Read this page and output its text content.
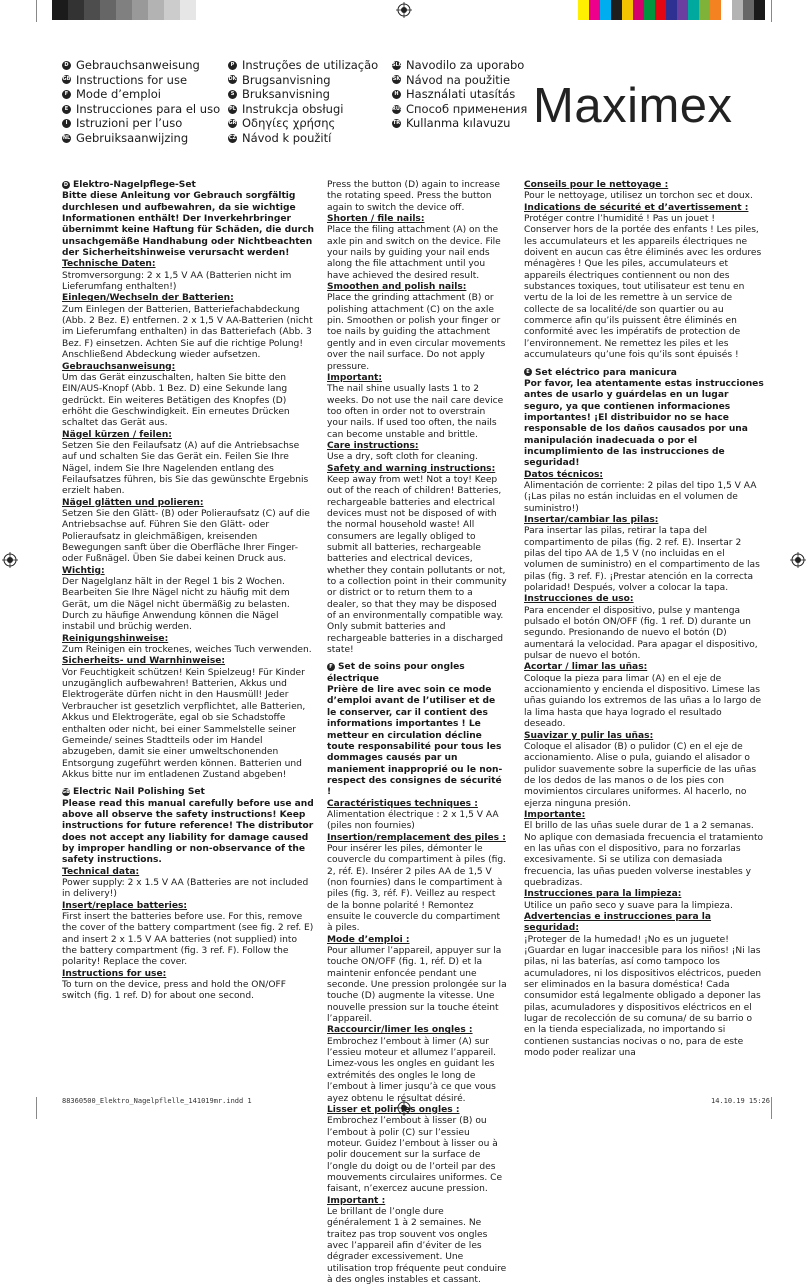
D Gebrauchsanweisung
GB Instructions for use
F Mode d’emploi
E Instrucciones para el uso
I Istruzioni per l’uso
NL Gebruiksaanwijzing
P Instruções de utilização
DK Brugsanvisning
S Bruksanvisning
PL Instrukcja obsługi
GR Οδηγίες χρήσης
CZ Návod k použití
SLO Navodilo za uporabo
SK Návod na použitie
H Használati utasítás
RUS Способ применения
TR Kullanma kılavuzu Maximex

D Elektro-Nagelpflege-Set

Bitte diese Anleitung vor Gebrauch sorgfältig durchlesen und aufbewahren, da sie wichtige Informationen enthält! Der Inverkehrbringer übernimmt keine Haftung für Schäden, die durch unsachgemäße Handhabung oder Nichtbeachten der Sicherheitshinweise verursacht werden!

Technische Daten:

Stromversorgung: 2 x 1,5 V AA (Batterien nicht im Lieferumfang enthalten!)

Einlegen/Wechseln der Batterien:

Zum Einlegen der Batterien, Batteriefachabdeckung (Abb. 2 Bez. E) entfernen. 2 x 1,5 V AA-Batterien (nicht im Lieferumfang enthalten) in das Batteriefach (Abb. 3 Bez. F) einsetzen. Achten Sie auf die richtige Polung! Anschließend Abdeckung wieder aufsetzen.

Gebrauchsanweisung:

Um das Gerät einzuschalten, halten Sie bitte den EIN/AUS-Knopf (Abb. 1 Bez. D) eine Sekunde lang gedrückt. Ein weiteres Betätigen des Knopfes (D) erhöht die Geschwindigkeit. Ein erneutes Drücken schaltet das Gerät aus.

Nägel kürzen / feilen:

Setzen Sie den Feilaufsatz (A) auf die Antriebsachse auf und schalten Sie das Gerät ein. Feilen Sie Ihre Nägel, indem Sie Ihre Nagelenden entlang des Feilaufsatzes führen, bis Sie das gewünschte Ergebnis erzielt haben.

Nägel glätten und polieren:

Setzen Sie den Glätt- (B) oder Polieraufsatz (C) auf die Antriebsachse auf. Führen Sie den Glätt- oder Polieraufsatz in gleichmäßigen, kreisenden Bewegungen sanft über die Oberfläche Ihrer Finger- oder Fußnägel. Üben Sie dabei keinen Druck aus.

Wichtig:

Der Nagelglanz hält in der Regel 1 bis 2 Wochen. Bearbeiten Sie Ihre Nägel nicht zu häufig mit dem Gerät, um die Nägel nicht übermäßig zu belasten. Durch zu häufige Anwendung können die Nägel instabil und brüchig werden.

Reinigungshinweise:

Zum Reinigen ein trockenes, weiches Tuch verwenden.

Sicherheits- und Warnhinweise:

Vor Feuchtigkeit schützen! Kein Spielzeug! Für Kinder unzugänglich aufbewahren! Batterien, Akkus und Elektrogeräte dürfen nicht in den Hausmüll! Jeder Verbraucher ist gesetzlich verpflichtet, alle Batterien, Akkus und Elektrogeräte, egal ob sie Schadstoffe enthalten oder nicht, bei einer Sammelstelle seiner Gemeinde/ seines Stadtteils oder im Handel abzugeben, damit sie einer umweltschonenden Entsorgung zugeführt werden können. Batterien und Akkus bitte nur im entladenen Zustand abgeben!

GB Electric Nail Polishing Set

Please read this manual carefully before use and above all observe the safety instructions! Keep instructions for future reference! The distributor does not accept any liability for damage caused by improper handling or non-observance of the safety instructions.

Technical data:

Power supply: 2 x 1.5 V AA (Batteries are not included in delivery!)

Insert/replace batteries:

First insert the batteries before use. For this, remove the cover of the battery compartment (see fig. 2 ref. E) and insert 2 x 1.5 V AA batteries (not supplied) into the battery compartment (fig. 3 ref. F). Follow the polarity! Replace the cover.

Instructions for use:

To turn on the device, press and hold the ON/OFF switch (fig. 1 ref. D) for about one second.

Press the button (D) again to increase the rotating speed. Press the button again to switch the device off.

Shorten / file nails:

Place the filing attachment (A) on the axle pin and switch on the device. File your nails by guiding your nail ends along the file attachment until you have achieved the desired result.

Smoothen and polish nails:

Place the grinding attachment (B) or polishing attachment (C) on the axle pin. Smoothen or polish your finger or toe nails by guiding the attachment gently and in even circular movements over the nail surface. Do not apply pressure.

Important:

The nail shine usually lasts 1 to 2 weeks. Do not use the nail care device too often in order not to overstrain your nails. If used too often, the nails can become unstable and brittle.

Care instructions:

Use a dry, soft cloth for cleaning.

Safety and warning instructions:

Keep away from wet! Not a toy! Keep out of the reach of children! Batteries, rechargeable batteries and electrical devices must not be disposed of with the normal household waste! All consumers are legally obliged to submit all batteries, rechargeable batteries and electrical devices, whether they contain pollutants or not, to a collection point in their community or district or to return them to a dealer, so that they may be disposed of an environmentally compatible way. Only submit batteries and rechargeable batteries in a discharged state!

F Set de soins pour ongles électrique

Prière de lire avec soin ce mode d’emploi avant de l’utiliser et de le conserver, car il contient des informations importantes ! Le metteur en circulation décline toute responsabilité pour tous les dommages causés par un maniement inapproprié ou le non-respect des consignes de sécurité !

Caractéristiques techniques :

Alimentation électrique : 2 x 1,5 V AA (piles non fournies)

Insertion/remplacement des piles :

Pour insérer les piles, démonter le couvercle du compartiment à piles (fig. 2, réf. E). Insérer 2 piles AA de 1,5 V (non fournies) dans le compartiment à piles (fig. 3, réf. F). Veillez au respect de la bonne polarité ! Remontez ensuite le couvercle du compartiment à piles.

Mode d’emploi :

Pour allumer l’appareil, appuyer sur la touche ON/OFF (fig. 1, réf. D) et la maintenir enfoncée pendant une seconde. Une pression prolongée sur la touche (D) augmente la vitesse. Une nouvelle pression sur la touche éteint l’appareil.

Raccourcir/limer les ongles :

Embrochez l’embout à limer (A) sur l’essieu moteur et allumez l’appareil. Limez-vous les ongles en guidant les extrémités des ongles le long de l’embout à limer jusqu’à ce que vous ayez obtenu le résultat désiré.

Lisser et polir les ongles :

Embrochez l’embout à lisser (B) ou l’embout à polir (C) sur l’essieu moteur. Guidez l’embout à lisser ou à polir doucement sur la surface de l’ongle du doigt ou de l’orteil par des mouvements circulaires uniformes. Ce faisant, n’exercez aucune pression.

Important :

Le brillant de l’ongle dure généralement 1 à 2 semaines. Ne traitez pas trop souvent vos ongles avec l’appareil afin d’éviter de les dégrader excessivement. Une utilisation trop fréquente peut conduire à des ongles instables et cassant.

Conseils pour le nettoyage :

Pour le nettoyage, utilisez un torchon sec et doux.

Indications de sécurité et d’avertissement :

Protéger contre l’humidité ! Pas un jouet ! Conserver hors de la portée des enfants ! Les piles, les accumulateurs et les appareils électriques ne doivent en aucun cas être éliminés avec les ordures ménagères ! Que les piles, accumulateurs et appareils électriques contiennent ou non des substances toxiques, tout utilisateur est tenu en vertu de la loi de les remettre à un service de collecte de sa localité/de son quartier ou au commerce afin qu’ils puissent être éliminés en conformité avec les impératifs de protection de l’environnement. Ne remettez les piles et les accumulateurs qu’une fois qu’ils sont épuisés !

E Set eléctrico para manicura

Por favor, lea atentamente estas instrucciones antes de usarlo y guárdelas en un lugar seguro, ya que contienen informaciones importantes! ¡El distribuidor no se hace responsable de los daños causados por una manipulación inadecuada o por el incumplimiento de las instrucciones de seguridad!

Datos técnicos:

Alimentación de corriente: 2 pilas del tipo 1,5 V AA (¡Las pilas no están incluidas en el volumen de suministro!)

Insertar/cambiar las pilas:

Para insertar las pilas, retirar la tapa del compartimento de pilas (fig. 2 ref. E). Insertar 2 pilas del tipo AA de 1,5 V (no incluidas en el volumen de suministro) en el compartimento de las pilas (fig. 3 ref. F). ¡Prestar atención en la correcta polaridad! Después, volver a colocar la tapa.

Instrucciones de uso:

Para encender el dispositivo, pulse y mantenga pulsado el botón ON/OFF (fig. 1 ref. D) durante un segundo. Presionando de nuevo el botón (D) aumentará la velocidad. Para apagar el dispositivo, pulsar de nuevo el botón.

Acortar / limar las uñas:

Coloque la pieza para limar (A) en el eje de accionamiento y encienda el dispositivo. Limese las uñas guiando los extremos de las uñas a lo largo de la lima hasta que haya logrado el resultado deseado.

Suavizar y pulir las uñas:

Coloque el alisador (B) o pulidor (C) en el eje de accionamiento. Alise o pula, guiando el alisador o pulidor suavemente sobre la superficie de las uñas de los dedos de las manos o de los pies con movimientos circulares uniformes. Al hacerlo, no ejerza ninguna presión.

Importante:

El brillo de las uñas suele durar de 1 a 2 semanas. No aplique con demasiada frecuencia el tratamiento en las uñas con el dispositivo, para no forzarlas excesivamente. Si se utiliza con demasiada frecuencia, las uñas pueden volverse inestables y quebradizas.

Instrucciones para la limpieza:

Utilice un paño seco y suave para la limpieza.

Advertencias e instrucciones para la seguridad:

¡Proteger de la humedad! ¡No es un juguete! ¡Guardar en lugar inaccesible para los niños! ¡Ni las pilas, ni las baterías, así como tampoco los acumuladores, ni los dispositivos eléctricos, pueden ser eliminados en la basura doméstica! Cada consumidor está legalmente obligado a deponer las pilas, acumuladores y dispositivos eléctricos en el lugar de recolección de su comuna/ de su barrio o en la tienda especializada, no importando si contienen sustancias nocivas o no, para de este modo poder realizar una

88360500_Elektro_Nagelpflelle_141019mr.indd 1	14.10.19 15:26
